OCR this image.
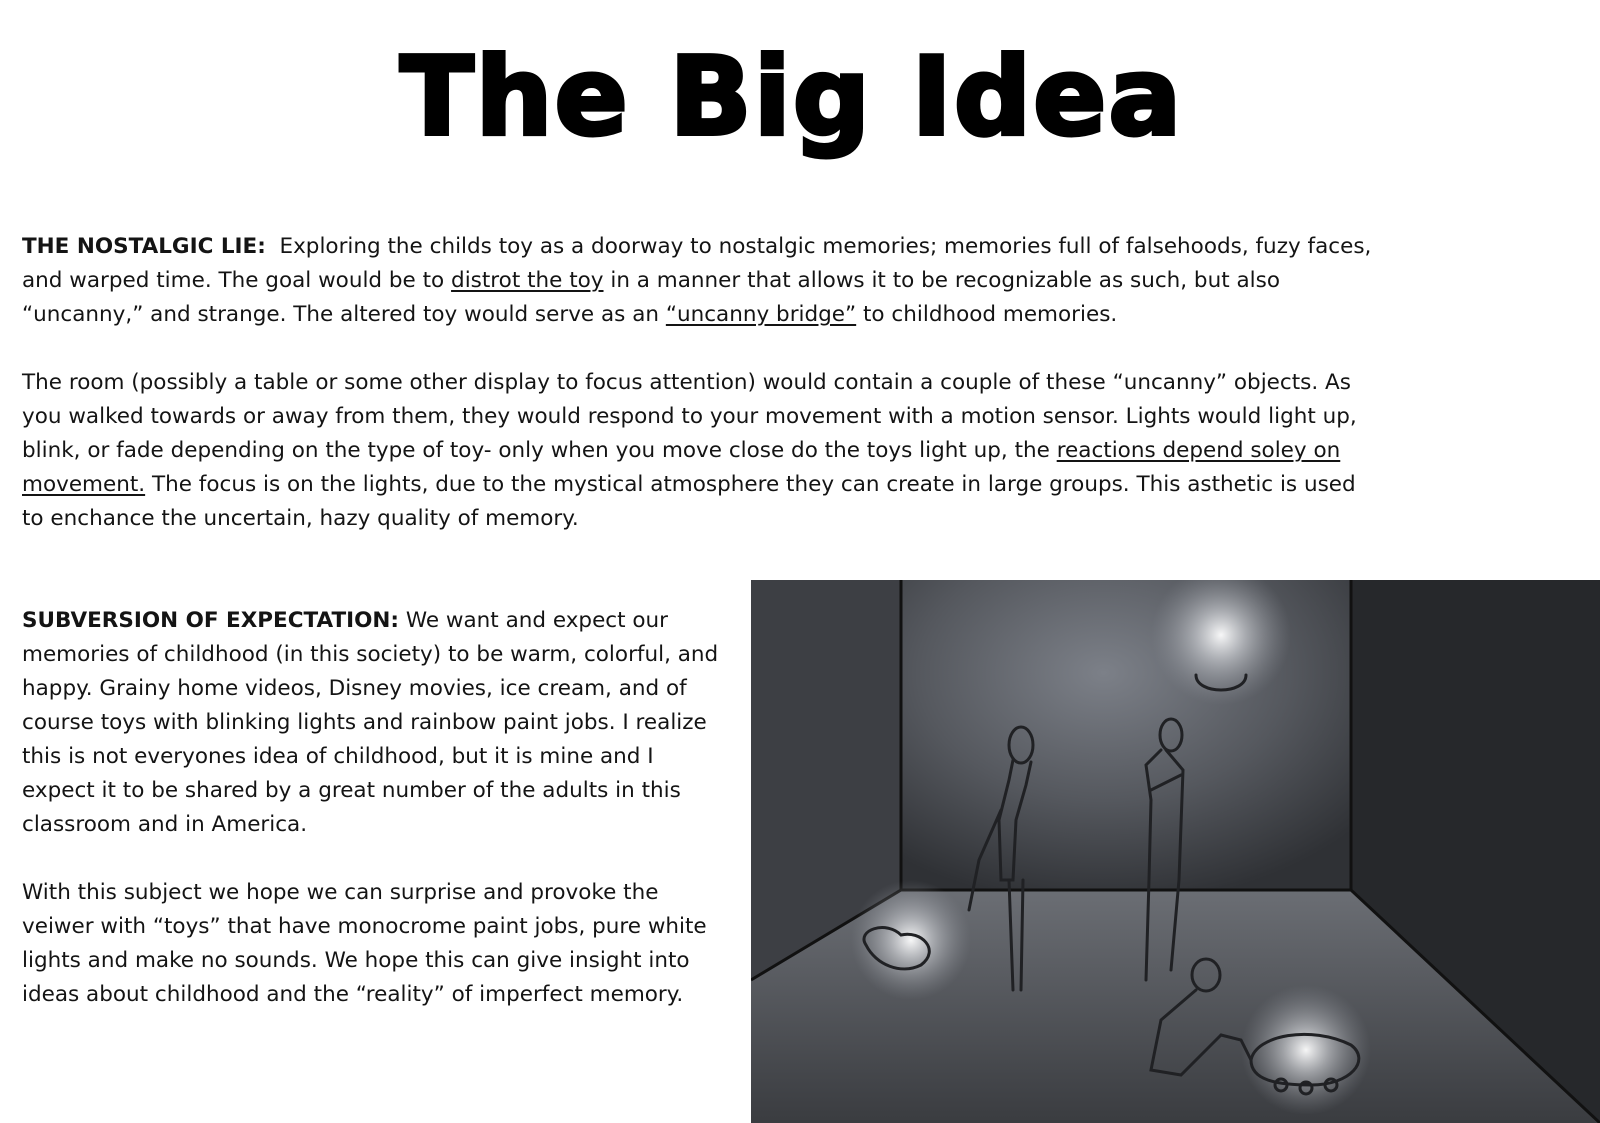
The Big Idea

THE NOSTALGIC LIE: Exploring the childs toy as a doorway to nostalgic memories; memories full of falsehoods, fuzy faces, and warped time. The goal would be to distrot the toy in a manner that allows it to be recognizable as such, but also “uncanny,” and strange. The altered toy would serve as an “uncanny bridge” to childhood memories.

The room (possibly a table or some other display to focus attention) would contain a couple of these “uncanny” objects. As you walked towards or away from them, they would respond to your movement with a motion sensor. Lights would light up, blink, or fade depending on the type of toy- only when you move close do the toys light up, the reactions depend soley on movement. The focus is on the lights, due to the mystical atmosphere they can create in large groups. This asthetic is used to enchance the uncertain, hazy quality of memory.

SUBVERSION OF EXPECTATION: We want and expect our memories of childhood (in this society) to be warm, colorful, and happy. Grainy home videos, Disney movies, ice cream, and of course toys with blinking lights and rainbow paint jobs. I realize this is not everyones idea of childhood, but it is mine and I expect it to be shared by a great number of the adults in this classroom and in America.

With this subject we hope we can surprise and provoke the veiwer with “toys” that have monocrome paint jobs, pure white lights and make no sounds. We hope this can give insight into ideas about childhood and the “reality” of imperfect memory.
